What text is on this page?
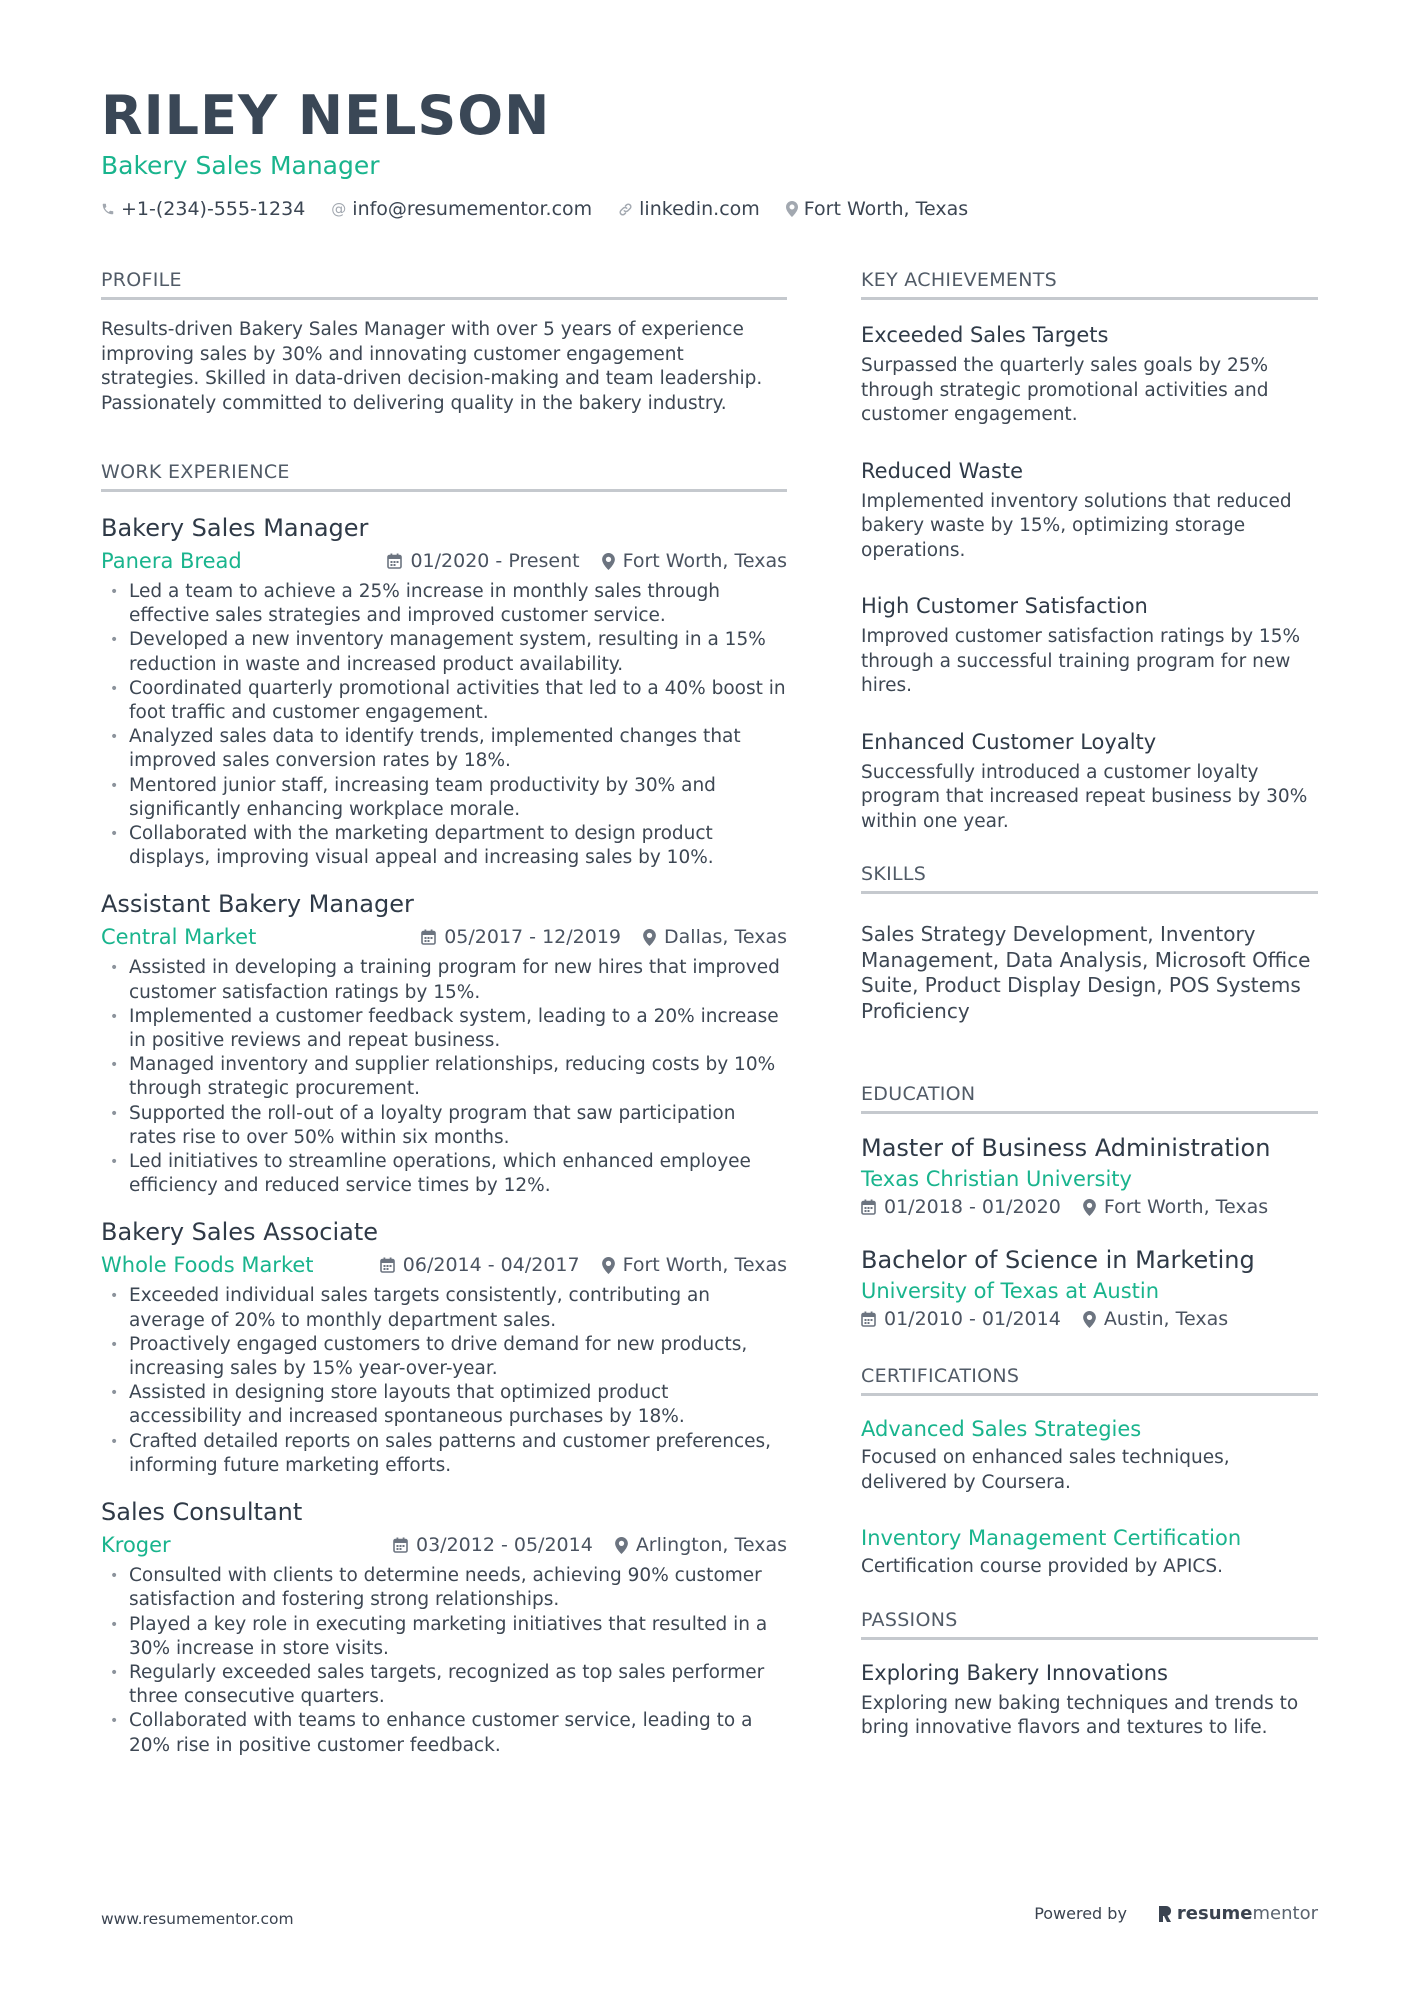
RILEY NELSON
Bakery Sales Manager
+1-(234)-555-1234 @ info@resumementor.com linkedin.com Fort Worth, Texas
PROFILE

Results-driven Bakery Sales Manager with over 5 years of experience improving sales by 30% and innovating customer engagement strategies. Skilled in data-driven decision-making and team leadership. Passionately committed to delivering quality in the bakery industry.

WORK EXPERIENCE
Bakery Sales Manager
Panera Bread	01/2020 - Present Fort Worth, Texas
• Led a team to achieve a 25% increase in monthly sales through effective sales strategies and improved customer service.
• Developed a new inventory management system, resulting in a 15% reduction in waste and increased product availability.
• Coordinated quarterly promotional activities that led to a 40% boost in foot traffic and customer engagement.
• Analyzed sales data to identify trends, implemented changes that improved sales conversion rates by 18%.
• Mentored junior staff, increasing team productivity by 30% and significantly enhancing workplace morale.
• Collaborated with the marketing department to design product displays, improving visual appeal and increasing sales by 10%.
Assistant Bakery Manager
Central Market	05/2017 - 12/2019 Dallas, Texas
• Assisted in developing a training program for new hires that improved customer satisfaction ratings by 15%.
• Implemented a customer feedback system, leading to a 20% increase in positive reviews and repeat business.
• Managed inventory and supplier relationships, reducing costs by 10% through strategic procurement.
• Supported the roll-out of a loyalty program that saw participation rates rise to over 50% within six months.
• Led initiatives to streamline operations, which enhanced employee efficiency and reduced service times by 12%.
Bakery Sales Associate
Whole Foods Market	06/2014 - 04/2017 Fort Worth, Texas
• Exceeded individual sales targets consistently, contributing an average of 20% to monthly department sales.
• Proactively engaged customers to drive demand for new products, increasing sales by 15% year-over-year.
• Assisted in designing store layouts that optimized product accessibility and increased spontaneous purchases by 18%.
• Crafted detailed reports on sales patterns and customer preferences, informing future marketing efforts.
Sales Consultant
Kroger	03/2012 - 05/2014 Arlington, Texas
• Consulted with clients to determine needs, achieving 90% customer satisfaction and fostering strong relationships.
• Played a key role in executing marketing initiatives that resulted in a 30% increase in store visits.
• Regularly exceeded sales targets, recognized as top sales performer three consecutive quarters.
• Collaborated with teams to enhance customer service, leading to a 20% rise in positive customer feedback.
KEY ACHIEVEMENTS
Exceeded Sales Targets
Surpassed the quarterly sales goals by 25% through strategic promotional activities and customer engagement.
Reduced Waste
Implemented inventory solutions that reduced bakery waste by 15%, optimizing storage operations.
High Customer Satisfaction
Improved customer satisfaction ratings by 15% through a successful training program for new hires.
Enhanced Customer Loyalty
Successfully introduced a customer loyalty program that increased repeat business by 30% within one year.
SKILLS
Sales Strategy Development, Inventory Management, Data Analysis, Microsoft Office Suite, Product Display Design, POS Systems Proficiency
EDUCATION
Master of Business Administration
Texas Christian University
01/2018 - 01/2020 Fort Worth, Texas
Bachelor of Science in Marketing
University of Texas at Austin
01/2010 - 01/2014 Austin, Texas
CERTIFICATIONS
Advanced Sales Strategies
Focused on enhanced sales techniques, delivered by Coursera.
Inventory Management Certification
Certification course provided by APICS.
PASSIONS
Exploring Bakery Innovations
Exploring new baking techniques and trends to bring innovative flavors and textures to life.
www.resumementor.com	Powered by	resume mentor
